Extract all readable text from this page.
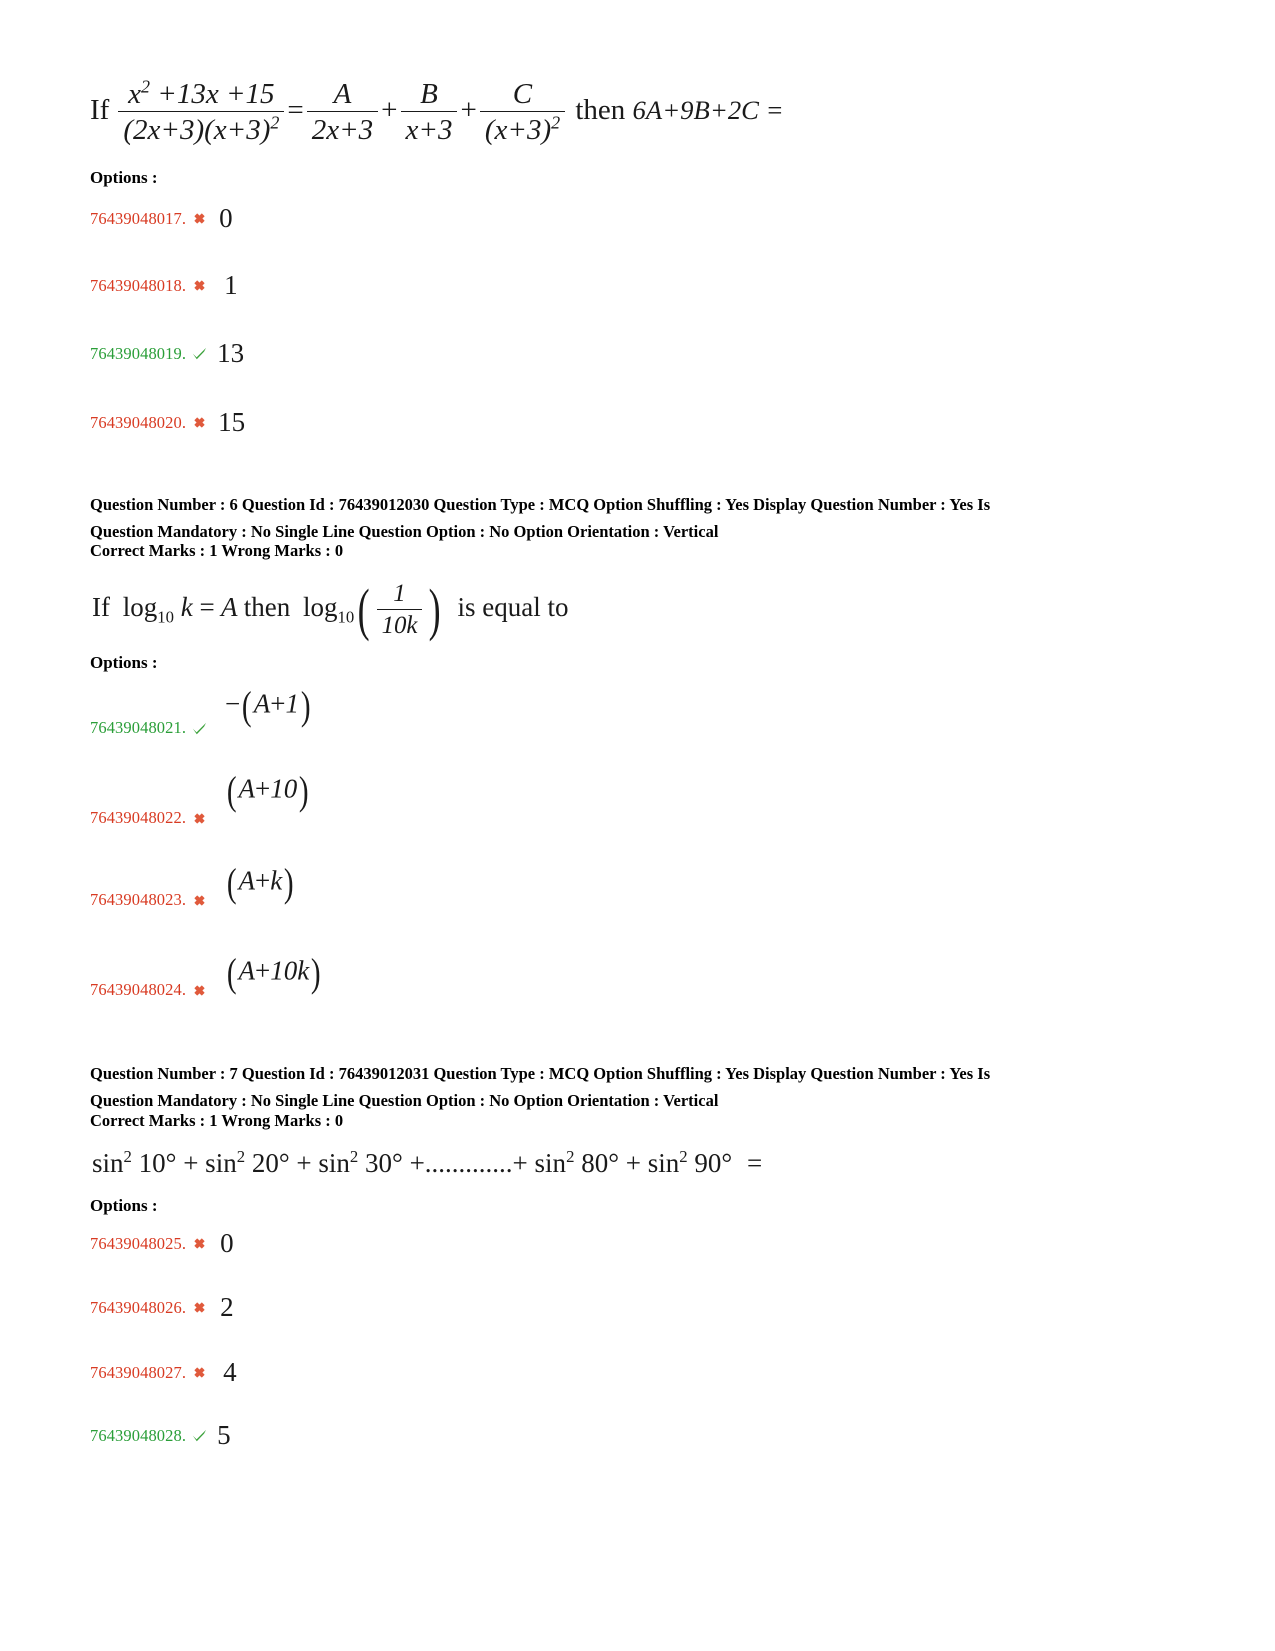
If $\frac{x^2 +13x +15}{(2x+3)(x+3)^2} = \frac{A}{2x+3} + \frac{B}{x+3} + \frac{C}{(x+3)^2}$ then 6A+9B+2C =
Options :
76439048017. 0
76439048018. 1
76439048019. 13
76439048020. 15
Question Number : 6 Question Id : 76439012030 Question Type : MCQ Option Shuffling : Yes Display Question Number : Yes Is
Question Mandatory : No Single Line Question Option : No Option Orientation : Vertical
Correct Marks : 1 Wrong Marks : 0
If $\log_{10} k = A$ then $\log_{10}( \frac{1}{10k}$ ) is equal to
Options :
−(A+1)
76439048021.
(A+10)
76439048022.
(A+k)
76439048023.
(A+10k)
76439048024.
Question Number : 7 Question Id : 76439012031 Question Type : MCQ Option Shuffling : Yes Display Question Number : Yes Is
Question Mandatory : No Single Line Question Option : No Option Orientation : Vertical
Correct Marks : 1 Wrong Marks : 0
$\sin^2 10^\circ + \sin^2 20^\circ + \sin^2 30^\circ$ +.............+ $\sin^2 80^\circ + \sin^2 90^\circ$ =
Options :
76439048025. 0
76439048026. 2
76439048027. 4
76439048028. 5
